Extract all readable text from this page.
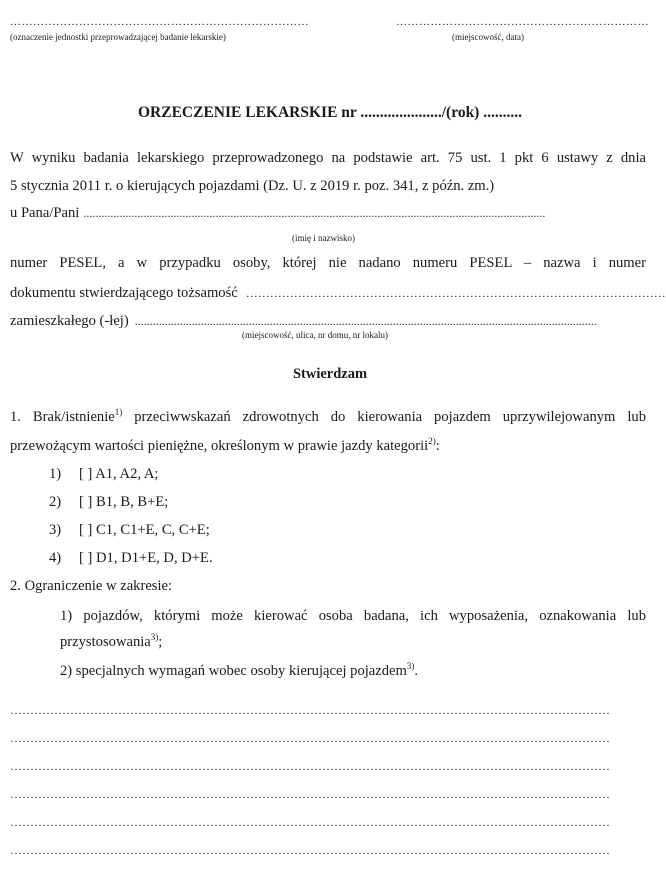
……………………………………………………………………
(oznaczenie jednostki przeprowadzającej badanie lekarskie)
…………………………………………………………
(miejscowość, data)
ORZECZENIE LEKARSKIE nr ...................../(rok) ..........
W wyniku badania lekarskiego przeprowadzonego na podstawie art. 75 ust. 1 pkt 6 ustawy z dnia
5 stycznia 2011 r. o kierujących pojazdami (Dz. U. z 2019 r. poz. 341, z późn. zm.)
u Pana/Pani ..........................................................................................................................................................
(imię i nazwisko)
numer PESEL, a w przypadku osoby, której nie nadano numeru PESEL – nazwa i numer
dokumentu stwierdzającego tożsamość ……………………………………………………………………………………………
zamieszkałego (-łej) ..........................................................................................................................................................
(miejscowość, ulica, nr domu, nr lokalu)
Stwierdzam
1. Brak/istnienie$^{1)}$ przeciwwskazań zdrowotnych do kierowania pojazdem uprzywilejowanym lub
przewożącym wartości pieniężne, określonym w prawie jazdy kategorii$^{2)}$:
1) [ ] A1, A2, A;
2) [ ] B1, B, B+E;
3) [ ] C1, C1+E, C, C+E;
4) [ ] D1, D1+E, D, D+E.
2. Ograniczenie w zakresie:
1) pojazdów, którymi może kierować osoba badana, ich wyposażenia, oznakowania lub
przystosowania$^{3)}$;
2) specjalnych wymagań wobec osoby kierującej pojazdem$^{3)}$.
……………………………………………………………………………………………………………………………………
……………………………………………………………………………………………………………………………………
……………………………………………………………………………………………………………………………………
……………………………………………………………………………………………………………………………………
……………………………………………………………………………………………………………………………………
……………………………………………………………………………………………………………………………………
